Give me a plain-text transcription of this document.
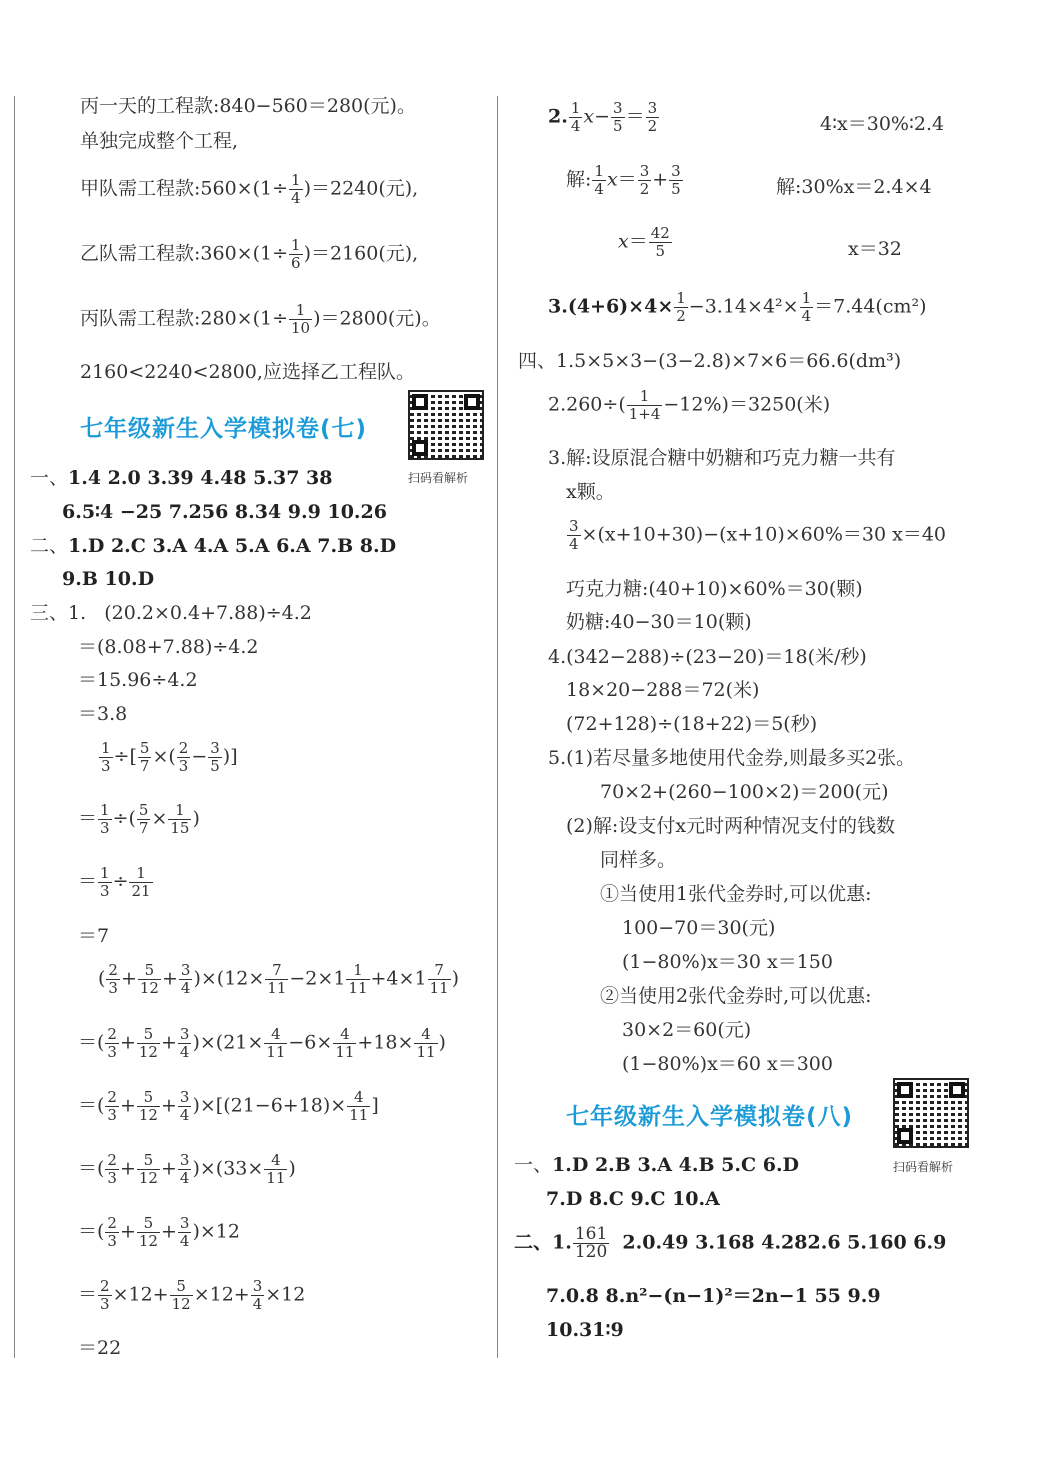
丙一天的工程款:840−560＝280(元)。
单独完成整个工程,
甲队需工程款:560×(1÷ $\frac{1}{4} )=2240$(元),
乙队需工程款:360×(1÷ $\frac{1}{6} )=2160$(元),
丙队需工程款:280×(1÷ $\frac{1}{10} )=2800$(元)。
2160<2240<2800,应选择乙工程队。
七年级新生入学模拟卷(七)
扫码看解析
一、1.4 2.0 3.39 4.48 5.37 38
6.5∶4 −25 7.256 8.34 9.9 10.26
二、1.D 2.C 3.A 4.A 5.A 6.A 7.B 8.D
9.B 10.D
三、1. (20.2×0.4+7.88)÷4.2
＝(8.08+7.88)÷4.2
＝15.96÷4.2
＝3.8
$\frac{1}{3}$ ÷[ $\frac{5}{7}$ ×( $\frac{2}{3} - \frac{3}{5}$ )]
＝ $\frac{1}{3}$ ÷( $\frac{5}{7} \times \frac{1}{15}$ )
＝ $\frac{1}{3} \div \frac{1}{21}$
＝7
( $\frac{2}{3} + \frac{5}{12} + \frac{3}{4} )\times(12\times \frac{7}{11} -2\times 1 \frac{1}{11} +4\times 1 \frac{7}{11}$ )
＝( $\frac{2}{3} + \frac{5}{12} + \frac{3}{4} )\times(21\times \frac{4}{11} -6\times \frac{4}{11} +18\times \frac{4}{11}$ )
＝( $\frac{2}{3} + \frac{5}{12} + \frac{3}{4} )\times[(21-6+18)\times \frac{4}{11}$ ]
＝( $\frac{2}{3} + \frac{5}{12} + \frac{3}{4} )\times(33\times \frac{4}{11}$ )
＝( $\frac{2}{3} + \frac{5}{12} + \frac{3}{4} )\times 12$
＝ $\frac{2}{3} \times 12+ \frac{5}{12} \times 12+ \frac{3}{4} \times 12$
＝22
2. $\frac{1}{4} x- \frac{3}{5} = \frac{3}{2}$	4∶x＝30%∶2.4
解: $\frac{1}{4} x= \frac{3}{2} + \frac{3}{5}$	解:30%x＝2.4×4
$x= \frac{42}{5}$	x＝32
$3.(4+6)\times 4\times \frac{1}{2} -3.14\times 4^2\times \frac{1}{4} =7.44(cm^2)$
四、1.5×5×3−(3−2.8)×7×6＝66.6(dm³)
$2.260\div( \frac{1}{1+4} -12\%)=3250$(米)
3.解:设原混合糖中奶糖和巧克力糖一共有
x颗。
$\frac{3}{4} \times(x+10+30)-(x+10)\times 60\%=30$ x＝40
巧克力糖:(40+10)×60%＝30(颗)
奶糖:40−30＝10(颗)
4.(342−288)÷(23−20)＝18(米/秒)
18×20−288＝72(米)
(72+128)÷(18+22)＝5(秒)
5.(1)若尽量多地使用代金券,则最多买2张。
70×2+(260−100×2)＝200(元)
(2)解:设支付x元时两种情况支付的钱数
同样多。
①当使用1张代金券时,可以优惠:
100−70＝30(元)
(1−80%)x＝30 x＝150
②当使用2张代金券时,可以优惠:
30×2＝60(元)
(1−80%)x＝60 x＝300
七年级新生入学模拟卷(八)
扫码看解析
一、1.D 2.B 3.A 4.B 5.C 6.D
7.D 8.C 9.C 10.A
二、1. $\frac{161}{120} 2.0.49$ 3.168 4.282.6 5.160 6.9
7.0.8 8.n²−(n−1)²＝2n−1 55 9.9
10.31∶9
